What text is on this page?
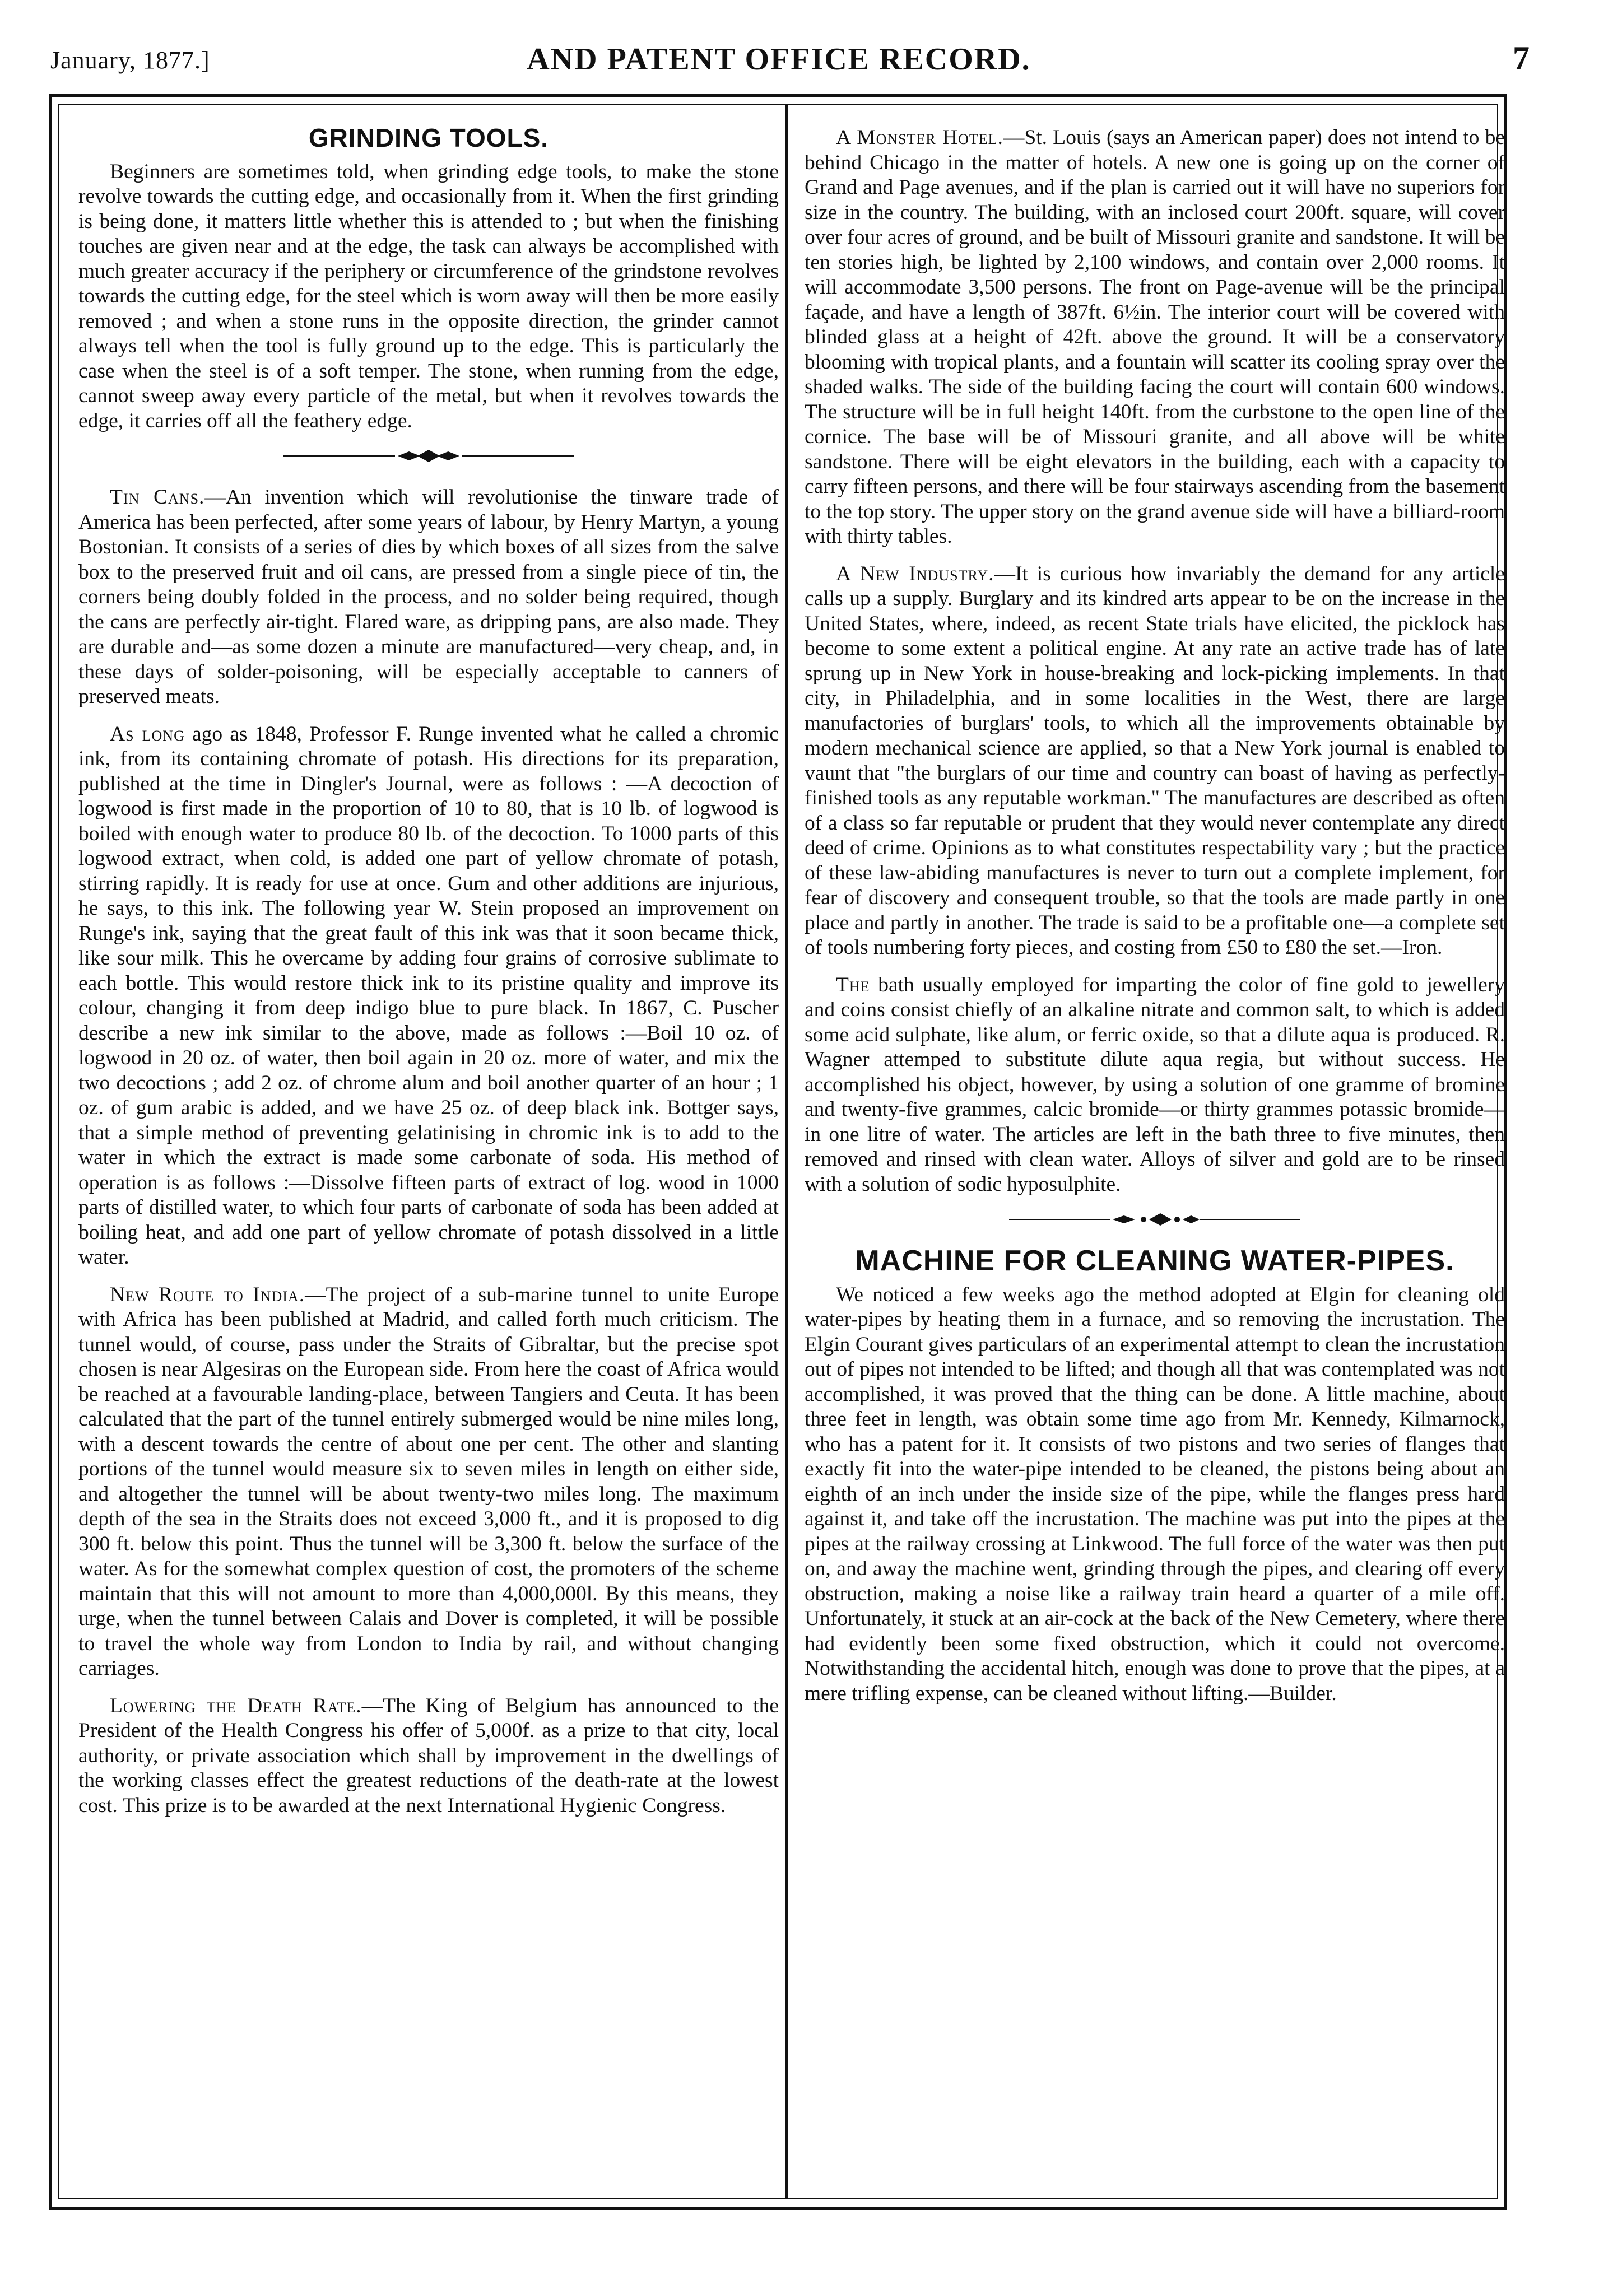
January, 1877.]	AND PATENT OFFICE RECORD.	7
GRINDING TOOLS.

Beginners are sometimes told, when grinding edge tools, to make the stone revolve towards the cutting edge, and occasionally from it. When the first grinding is being done, it matters little whether this is attended to ; but when the finishing touches are given near and at the edge, the task can always be accomplished with much greater accuracy if the periphery or circumference of the grindstone revolves towards the cutting edge, for the steel which is worn away will then be more easily removed ; and when a stone runs in the opposite direction, the grinder cannot always tell when the tool is fully ground up to the edge. This is particularly the case when the steel is of a soft temper. The stone, when running from the edge, cannot sweep away every particle of the metal, but when it revolves towards the edge, it carries off all the feathery edge.

Tin Cans.—An invention which will revolutionise the tinware trade of America has been perfected, after some years of labour, by Henry Martyn, a young Bostonian. It consists of a series of dies by which boxes of all sizes from the salve box to the preserved fruit and oil cans, are pressed from a single piece of tin, the corners being doubly folded in the process, and no solder being required, though the cans are perfectly air-tight. Flared ware, as dripping pans, are also made. They are durable and—as some dozen a minute are manufactured—very cheap, and, in these days of solder-poisoning, will be especially acceptable to canners of preserved meats.

As long ago as 1848, Professor F. Runge invented what he called a chromic ink, from its containing chromate of potash. His directions for its preparation, published at the time in Dingler's Journal, were as follows : —A decoction of logwood is first made in the proportion of 10 to 80, that is 10 lb. of logwood is boiled with enough water to produce 80 lb. of the decoction. To 1000 parts of this logwood extract, when cold, is added one part of yellow chromate of potash, stirring rapidly. It is ready for use at once. Gum and other additions are injurious, he says, to this ink. The following year W. Stein proposed an improvement on Runge's ink, saying that the great fault of this ink was that it soon became thick, like sour milk. This he overcame by adding four grains of corrosive sublimate to each bottle. This would restore thick ink to its pristine quality and improve its colour, changing it from deep indigo blue to pure black. In 1867, C. Puscher describe a new ink similar to the above, made as follows :—Boil 10 oz. of logwood in 20 oz. of water, then boil again in 20 oz. more of water, and mix the two decoctions ; add 2 oz. of chrome alum and boil another quarter of an hour ; 1 oz. of gum arabic is added, and we have 25 oz. of deep black ink. Bottger says, that a simple method of preventing gelatinising in chromic ink is to add to the water in which the extract is made some carbonate of soda. His method of operation is as follows :—Dissolve fifteen parts of extract of log. wood in 1000 parts of distilled water, to which four parts of carbonate of soda has been added at boiling heat, and add one part of yellow chromate of potash dissolved in a little water.

New Route to India.—The project of a sub-marine tunnel to unite Europe with Africa has been published at Madrid, and called forth much criticism. The tunnel would, of course, pass under the Straits of Gibraltar, but the precise spot chosen is near Algesiras on the European side. From here the coast of Africa would be reached at a favourable landing-place, between Tangiers and Ceuta. It has been calculated that the part of the tunnel entirely submerged would be nine miles long, with a descent towards the centre of about one per cent. The other and slanting portions of the tunnel would measure six to seven miles in length on either side, and altogether the tunnel will be about twenty-two miles long. The maximum depth of the sea in the Straits does not exceed 3,000 ft., and it is proposed to dig 300 ft. below this point. Thus the tunnel will be 3,300 ft. below the surface of the water. As for the somewhat complex question of cost, the promoters of the scheme maintain that this will not amount to more than 4,000,000l. By this means, they urge, when the tunnel between Calais and Dover is completed, it will be possible to travel the whole way from London to India by rail, and without changing carriages.

Lowering the Death Rate.—The King of Belgium has announced to the President of the Health Congress his offer of 5,000f. as a prize to that city, local authority, or private association which shall by improvement in the dwellings of the working classes effect the greatest reductions of the death-rate at the lowest cost. This prize is to be awarded at the next International Hygienic Congress.

A Monster Hotel.—St. Louis (says an American paper) does not intend to be behind Chicago in the matter of hotels. A new one is going up on the corner of Grand and Page avenues, and if the plan is carried out it will have no superiors for size in the country. The building, with an inclosed court 200ft. square, will cover over four acres of ground, and be built of Missouri granite and sandstone. It will be ten stories high, be lighted by 2,100 windows, and contain over 2,000 rooms. It will accommodate 3,500 persons. The front on Page-avenue will be the principal façade, and have a length of 387ft. 6½in. The interior court will be covered with blinded glass at a height of 42ft. above the ground. It will be a conservatory blooming with tropical plants, and a fountain will scatter its cooling spray over the shaded walks. The side of the building facing the court will contain 600 windows. The structure will be in full height 140ft. from the curbstone to the open line of the cornice. The base will be of Missouri granite, and all above will be white sandstone. There will be eight elevators in the building, each with a capacity to carry fifteen persons, and there will be four stairways ascending from the basement to the top story. The upper story on the grand avenue side will have a billiard-room with thirty tables.

A New Industry.—It is curious how invariably the demand for any article calls up a supply. Burglary and its kindred arts appear to be on the increase in the United States, where, indeed, as recent State trials have elicited, the picklock has become to some extent a political engine. At any rate an active trade has of late sprung up in New York in house-breaking and lock-picking implements. In that city, in Philadelphia, and in some localities in the West, there are large manufactories of burglars' tools, to which all the improvements obtainable by modern mechanical science are applied, so that a New York journal is enabled to vaunt that "the burglars of our time and country can boast of having as perfectly-finished tools as any reputable workman." The manufactures are described as often of a class so far reputable or prudent that they would never contemplate any direct deed of crime. Opinions as to what constitutes respectability vary ; but the practice of these law-abiding manufactures is never to turn out a complete implement, for fear of discovery and consequent trouble, so that the tools are made partly in one place and partly in another. The trade is said to be a profitable one—a complete set of tools numbering forty pieces, and costing from £50 to £80 the set.—Iron.

The bath usually employed for imparting the color of fine gold to jewellery and coins consist chiefly of an alkaline nitrate and common salt, to which is added some acid sulphate, like alum, or ferric oxide, so that a dilute aqua is produced. R. Wagner attemped to substitute dilute aqua regia, but without success. He accomplished his object, however, by using a solution of one gramme of bromine and twenty-five grammes, calcic bromide—or thirty grammes potassic bromide—in one litre of water. The articles are left in the bath three to five minutes, then removed and rinsed with clean water. Alloys of silver and gold are to be rinsed with a solution of sodic hyposulphite.

MACHINE FOR CLEANING WATER-PIPES.

We noticed a few weeks ago the method adopted at Elgin for cleaning old water-pipes by heating them in a furnace, and so removing the incrustation. The Elgin Courant gives particulars of an experimental attempt to clean the incrustation out of pipes not intended to be lifted; and though all that was contemplated was not accomplished, it was proved that the thing can be done. A little machine, about three feet in length, was obtain some time ago from Mr. Kennedy, Kilmarnock, who has a patent for it. It consists of two pistons and two series of flanges that exactly fit into the water-pipe intended to be cleaned, the pistons being about an eighth of an inch under the inside size of the pipe, while the flanges press hard against it, and take off the incrustation. The machine was put into the pipes at the pipes at the railway crossing at Linkwood. The full force of the water was then put on, and away the machine went, grinding through the pipes, and clearing off every obstruction, making a noise like a railway train heard a quarter of a mile off. Unfortunately, it stuck at an air-cock at the back of the New Cemetery, where there had evidently been some fixed obstruction, which it could not overcome. Notwithstanding the accidental hitch, enough was done to prove that the pipes, at a mere trifling expense, can be cleaned without lifting.—Builder.
